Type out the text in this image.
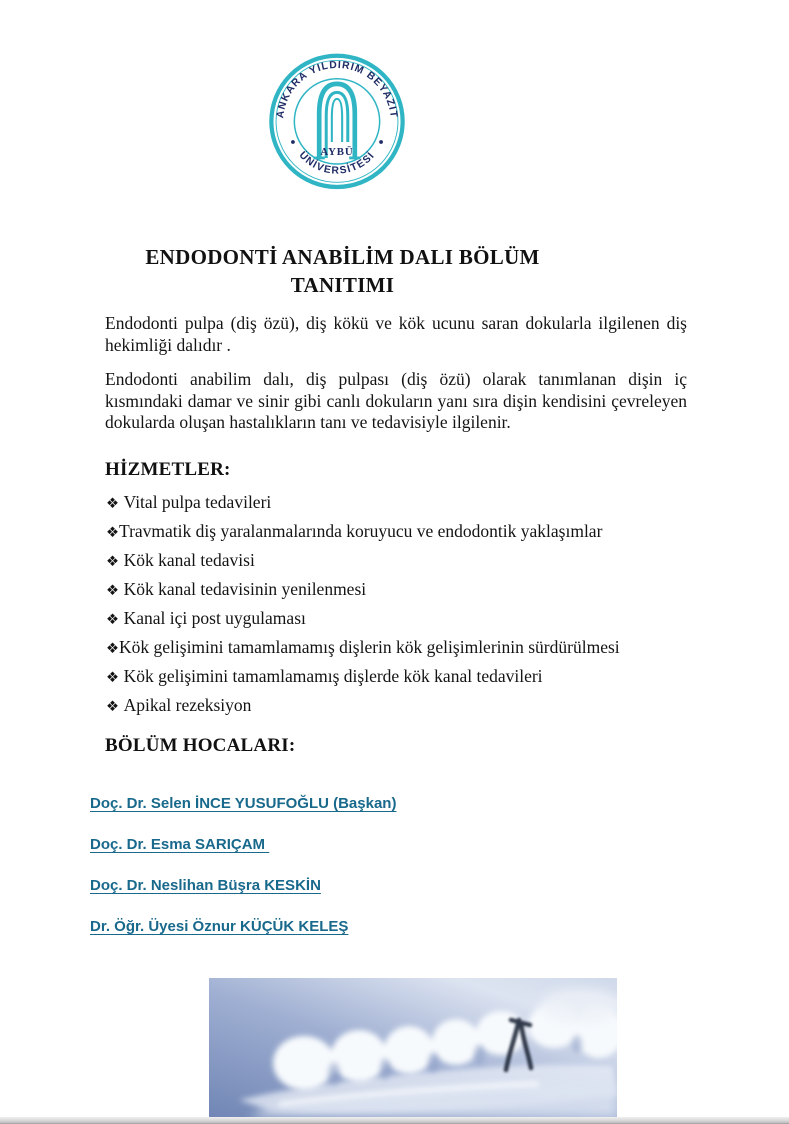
ANKARA YILDIRIM BEYAZIT
ÜNİVERSİTESİ
AYBÜ
ENDODONTİ ANABİLİM DALI BÖLÜM
TANITIMI

Endodonti pulpa (diş özü), diş kökü ve kök ucunu saran dokularla ilgilenen diş hekimliği dalıdır .

Endodonti anabilim dalı, diş pulpası (diş özü) olarak tanımlanan dişin iç kısmındaki damar ve sinir gibi canlı dokuların yanı sıra dişin kendisini çevreleyen dokularda oluşan hastalıkların tanı ve tedavisiyle ilgilenir.

HİZMETLER:
❖ Vital pulpa tedavileri
❖Travmatik diş yaralanmalarında koruyucu ve endodontik yaklaşımlar
❖ Kök kanal tedavisi
❖ Kök kanal tedavisinin yenilenmesi
❖ Kanal içi post uygulaması
❖Kök gelişimini tamamlamamış dişlerin kök gelişimlerinin sürdürülmesi
❖ Kök gelişimini tamamlamamış dişlerde kök kanal tedavileri
❖ Apikal rezeksiyon
BÖLÜM HOCALARI:
Doç. Dr. Selen İNCE YUSUFOĞLU (Başkan)
Doç. Dr. Esma SARIÇAM
Doç. Dr. Neslihan Büşra KESKİN
Dr. Öğr. Üyesi Öznur KÜÇÜK KELEŞ
